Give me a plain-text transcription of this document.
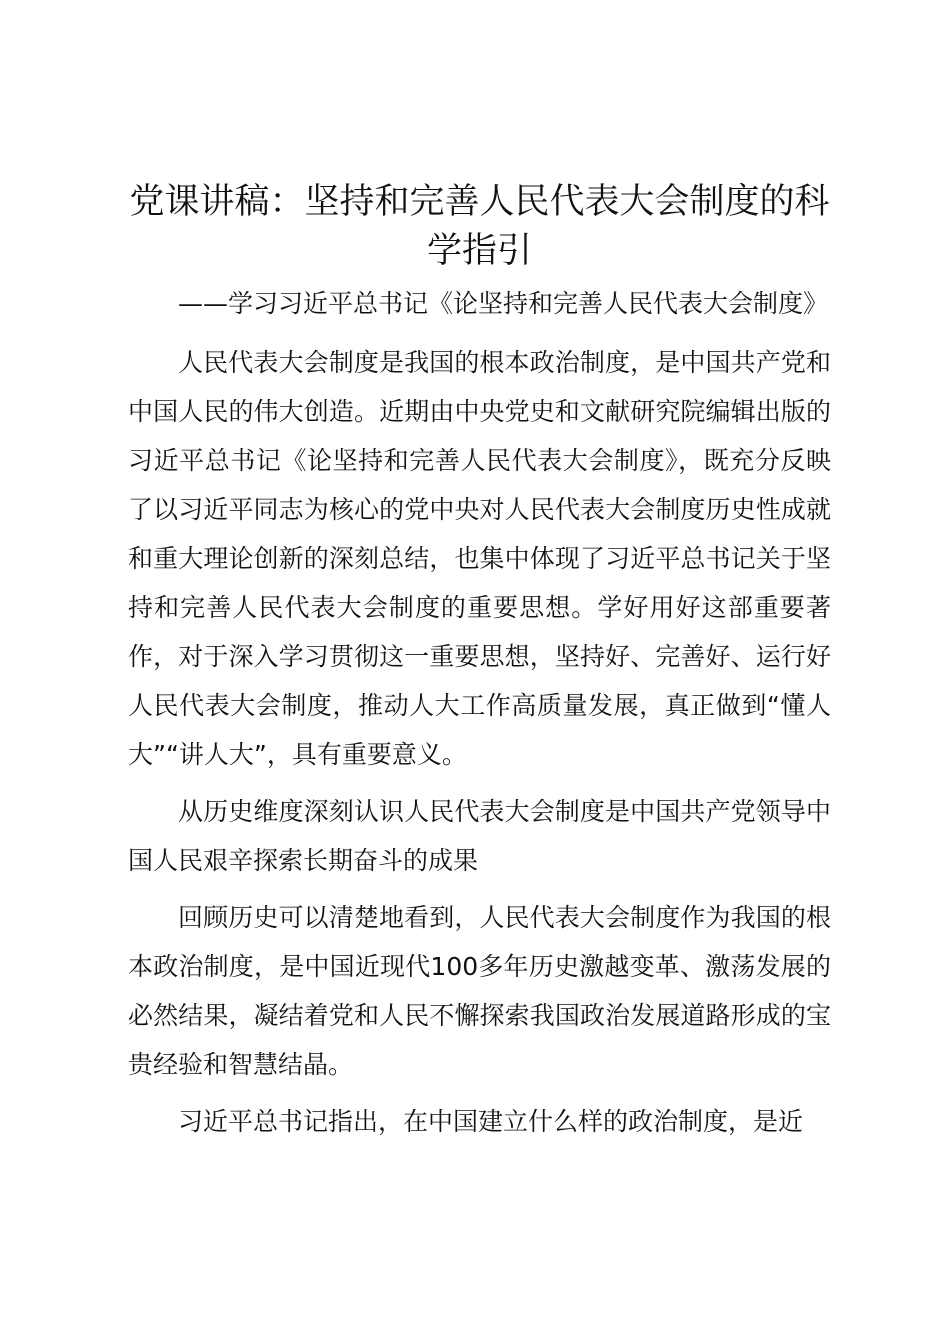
党课讲稿：坚持和完善人民代表大会制度的科学指引

——学习习近平总书记《论坚持和完善人民代表大会制度》

人民代表大会制度是我国的根本政治制度，是中国共产党和中国人民的伟大创造。近期由中央党史和文献研究院编辑出版的习近平总书记《论坚持和完善人民代表大会制度》，既充分反映了以习近平同志为核心的党中央对人民代表大会制度历史性成就和重大理论创新的深刻总结，也集中体现了习近平总书记关于坚持和完善人民代表大会制度的重要思想。学好用好这部重要著作，对于深入学习贯彻这一重要思想，坚持好、完善好、运行好人民代表大会制度，推动人大工作高质量发展，真正做到“懂人大”“讲人大”，具有重要意义。

从历史维度深刻认识人民代表大会制度是中国共产党领导中国人民艰辛探索长期奋斗的成果

回顾历史可以清楚地看到，人民代表大会制度作为我国的根本政治制度，是中国近现代100多年历史激越变革、激荡发展的必然结果，凝结着党和人民不懈探索我国政治发展道路形成的宝贵经验和智慧结晶。

习近平总书记指出，在中国建立什么样的政治制度，是近
